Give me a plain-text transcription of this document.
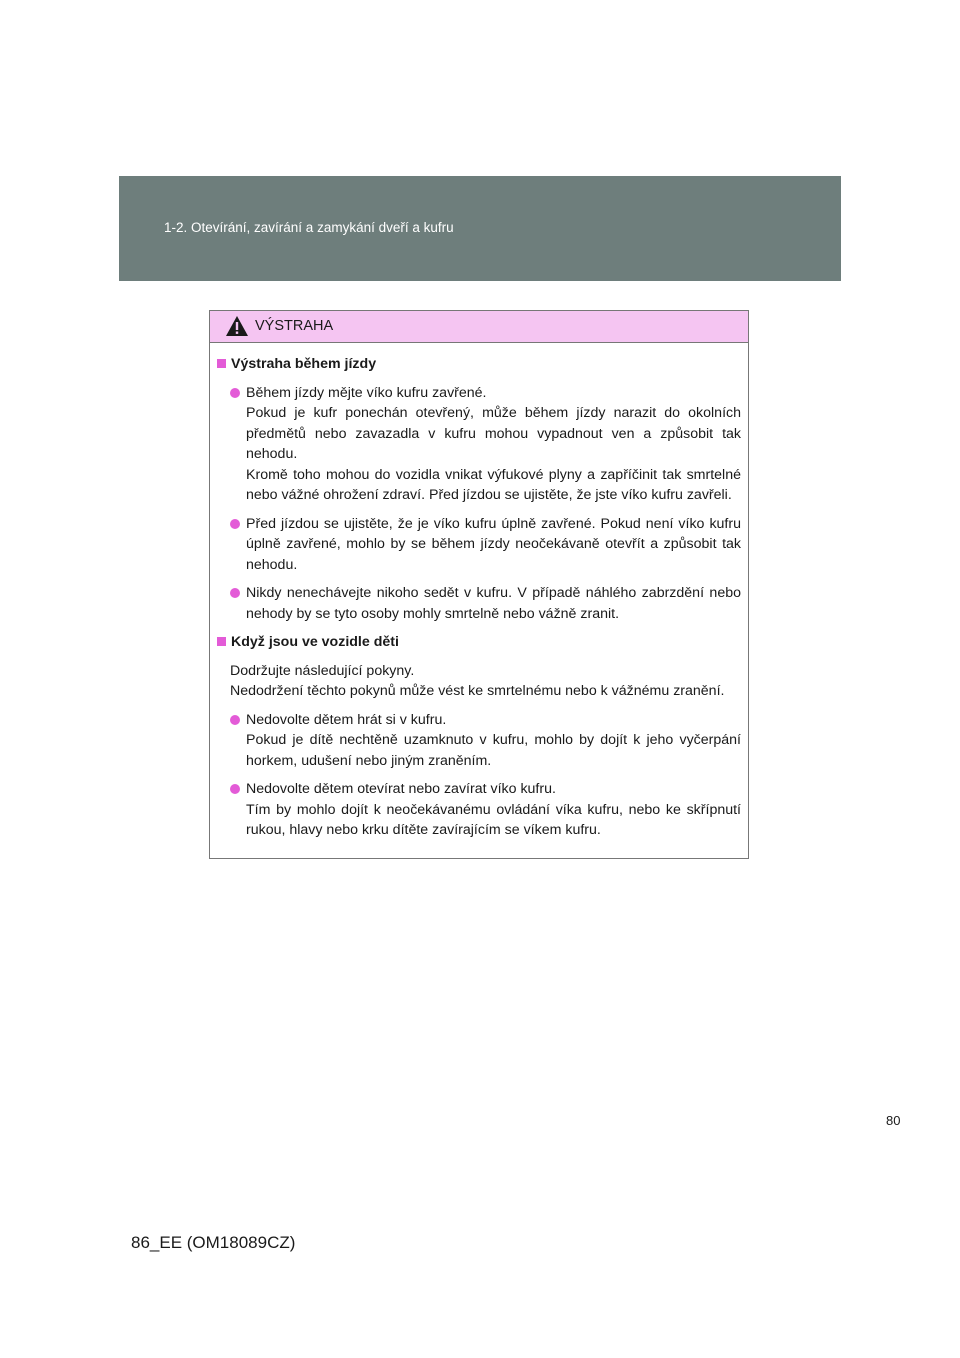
1-2. Otevírání, zavírání a zamykání dveří a kufru
VÝSTRAHA
Výstraha během jízdy

Během jízdy mějte víko kufru zavřené.

Pokud je kufr ponechán otevřený, může během jízdy narazit do okolních předmětů nebo zavazadla v kufru mohou vypadnout ven a způsobit tak nehodu.

Kromě toho mohou do vozidla vnikat výfukové plyny a zapříčinit tak smrtelné nebo vážné ohrožení zdraví. Před jízdou se ujistěte, že jste víko kufru zavřeli.

Před jízdou se ujistěte, že je víko kufru úplně zavřené. Pokud není víko kufru úplně zavřené, mohlo by se během jízdy neočekávaně otevřít a způsobit tak nehodu.

Nikdy nenechávejte nikoho sedět v kufru. V případě náhlého zabrzdění nebo nehody by se tyto osoby mohly smrtelně nebo vážně zranit.

Když jsou ve vozidle děti

Dodržujte následující pokyny.

Nedodržení těchto pokynů může vést ke smrtelnému nebo k vážnému zranění.

Nedovolte dětem hrát si v kufru.

Pokud je dítě nechtěně uzamknuto v kufru, mohlo by dojít k jeho vyčerpání horkem, udušení nebo jiným zraněním.

Nedovolte dětem otevírat nebo zavírat víko kufru.

Tím by mohlo dojít k neočekávanému ovládání víka kufru, nebo ke skřípnutí rukou, hlavy nebo krku dítěte zavírajícím se víkem kufru.

80
86_EE (OM18089CZ)
